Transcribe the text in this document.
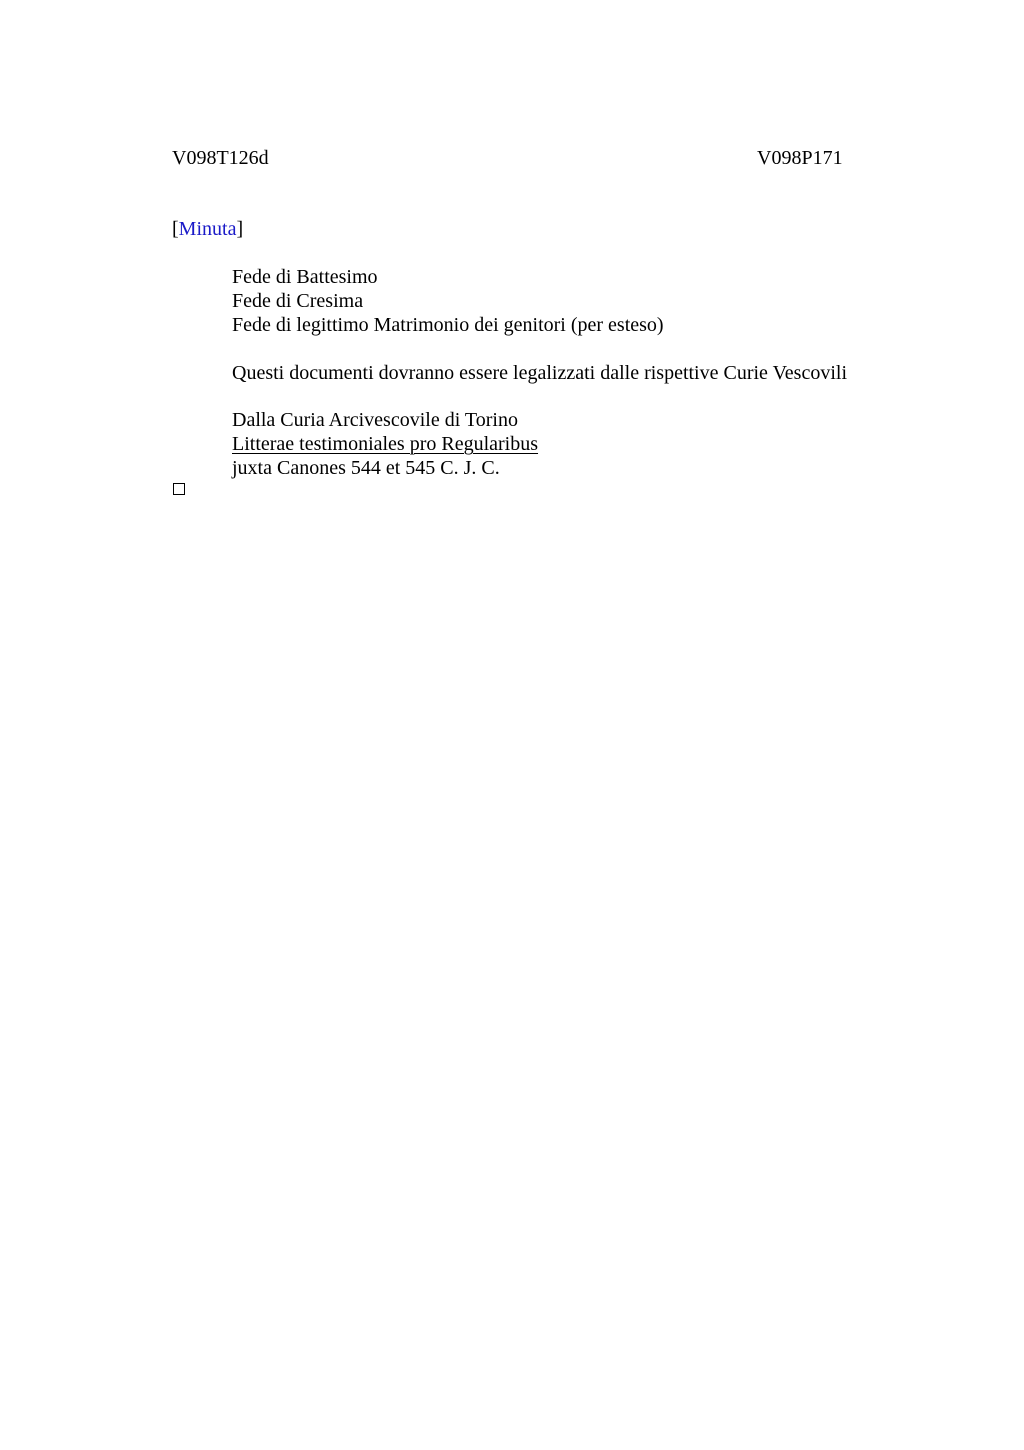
V098T126d	V098P171
[Minuta]
Fede di Battesimo
Fede di Cresima
Fede di legittimo Matrimonio dei genitori (per esteso)
Questi documenti dovranno essere legalizzati dalle rispettive Curie Vescovili
Dalla Curia Arcivescovile di Torino
Litterae testimoniales pro Regularibus
juxta Canones 544 et 545 C. J. C.
